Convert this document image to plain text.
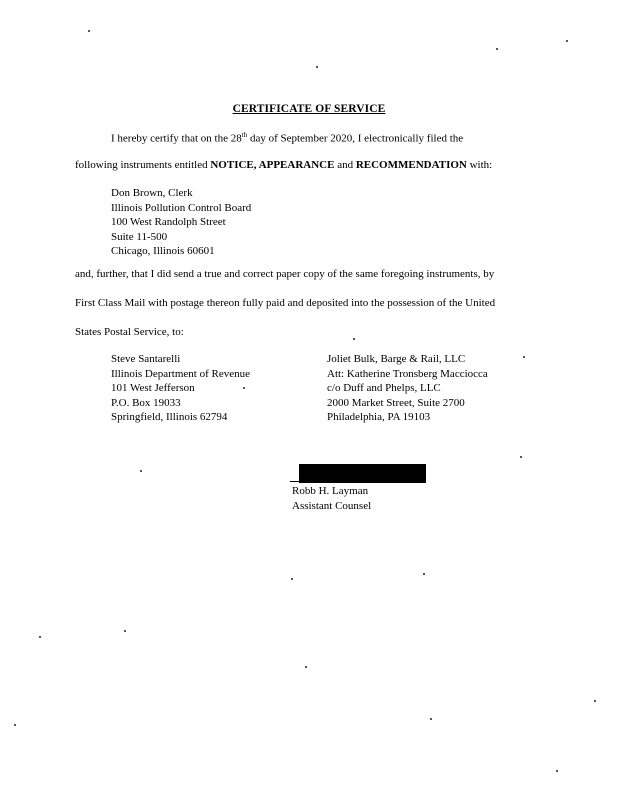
CERTIFICATE OF SERVICE
I hereby certify that on the 28th day of September 2020, I electronically filed the
following instruments entitled NOTICE, APPEARANCE and RECOMMENDATION with:
Don Brown, Clerk
Illinois Pollution Control Board
100 West Randolph Street
Suite 11-500
Chicago, Illinois 60601
and, further, that I did send a true and correct paper copy of the same foregoing instruments, by
First Class Mail with postage thereon fully paid and deposited into the possession of the United
States Postal Service, to:
Steve Santarelli
Illinois Department of Revenue
101 West Jefferson
P.O. Box 19033
Springfield, Illinois 62794
Joliet Bulk, Barge & Rail, LLC
Att: Katherine Tronsberg Macciocca
c/o Duff and Phelps, LLC
2000 Market Street, Suite 2700
Philadelphia, PA 19103
Robb H. Layman
Assistant Counsel
